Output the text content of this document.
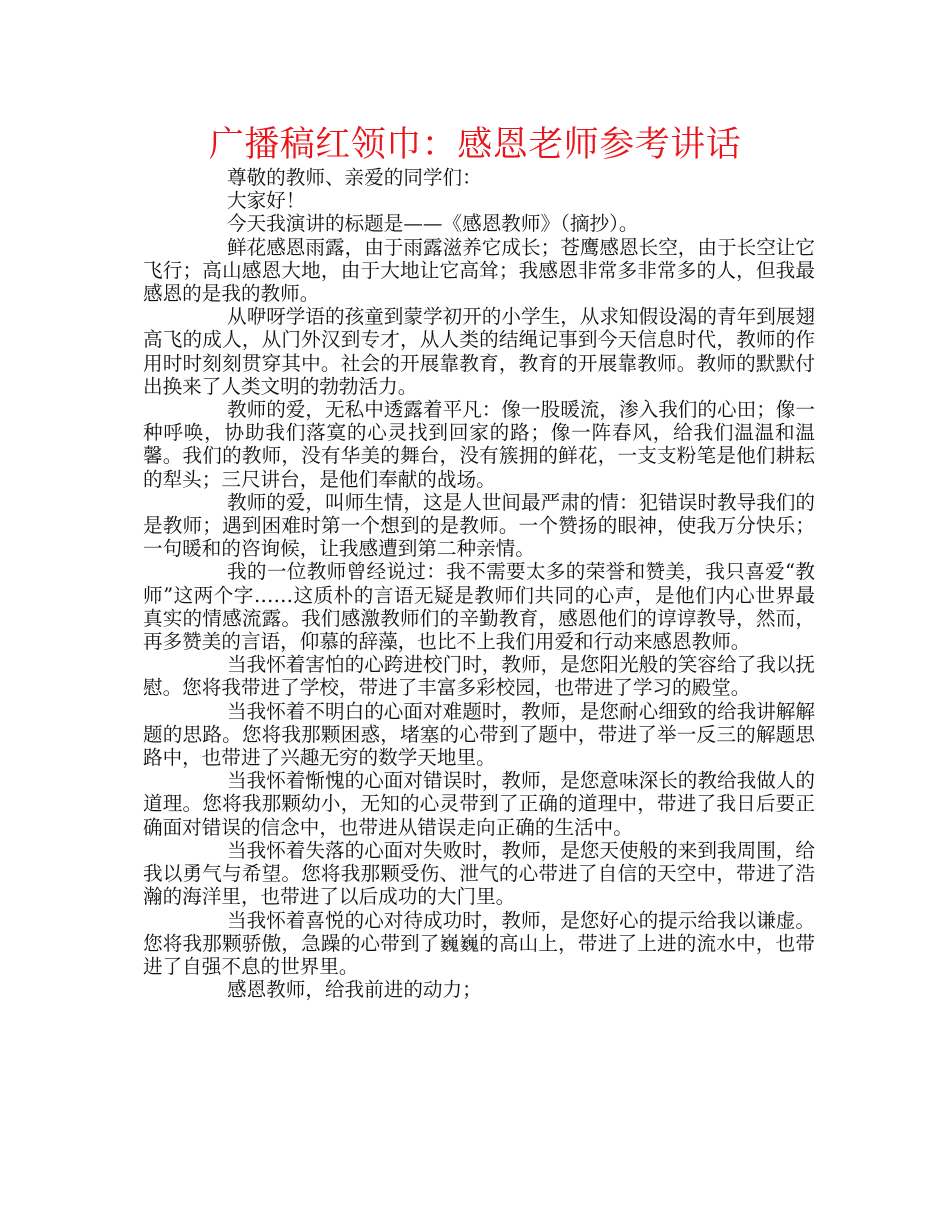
广播稿红领巾：感恩老师参考讲话

尊敬的教师、亲爱的同学们：

大家好！

今天我演讲的标题是——《感恩教师》（摘抄）。

鲜花感恩雨露，由于雨露滋养它成长；苍鹰感恩长空，由于长空让它飞行；高山感恩大地，由于大地让它高耸；我感恩非常多非常多的人，但我最感恩的是我的教师。

从咿呀学语的孩童到蒙学初开的小学生，从求知假设渴的青年到展翅高飞的成人，从门外汉到专才，从人类的结绳记事到今天信息时代，教师的作用时时刻刻贯穿其中。社会的开展靠教育，教育的开展靠教师。教师的默默付出换来了人类文明的勃勃活力。

教师的爱，无私中透露着平凡：像一股暖流，渗入我们的心田；像一种呼唤，协助我们落寞的心灵找到回家的路；像一阵春风，给我们温温和温馨。我们的教师，没有华美的舞台，没有簇拥的鲜花，一支支粉笔是他们耕耘的犁头；三尺讲台，是他们奉献的战场。

教师的爱，叫师生情，这是人世间最严肃的情：犯错误时教导我们的是教师；遇到困难时第一个想到的是教师。一个赞扬的眼神，使我万分快乐；一句暖和的咨询候，让我感遭到第二种亲情。

我的一位教师曾经说过：我不需要太多的荣誉和赞美，我只喜爱“教师”这两个字……这质朴的言语无疑是教师们共同的心声，是他们内心世界最真实的情感流露。我们感激教师们的辛勤教育，感恩他们的谆谆教导，然而，再多赞美的言语，仰慕的辞藻，也比不上我们用爱和行动来感恩教师。

当我怀着害怕的心跨进校门时，教师，是您阳光般的笑容给了我以抚慰。您将我带进了学校，带进了丰富多彩校园，也带进了学习的殿堂。

当我怀着不明白的心面对难题时，教师，是您耐心细致的给我讲解解题的思路。您将我那颗困惑，堵塞的心带到了题中，带进了举一反三的解题思路中，也带进了兴趣无穷的数学天地里。

当我怀着惭愧的心面对错误时，教师，是您意味深长的教给我做人的道理。您将我那颗幼小，无知的心灵带到了正确的道理中，带进了我日后要正确面对错误的信念中，也带进从错误走向正确的生活中。

当我怀着失落的心面对失败时，教师，是您天使般的来到我周围，给我以勇气与希望。您将我那颗受伤、泄气的心带进了自信的天空中，带进了浩瀚的海洋里，也带进了以后成功的大门里。

当我怀着喜悦的心对待成功时，教师，是您好心的提示给我以谦虚。您将我那颗骄傲，急躁的心带到了巍巍的高山上，带进了上进的流水中，也带进了自强不息的世界里。

感恩教师，给我前进的动力；
